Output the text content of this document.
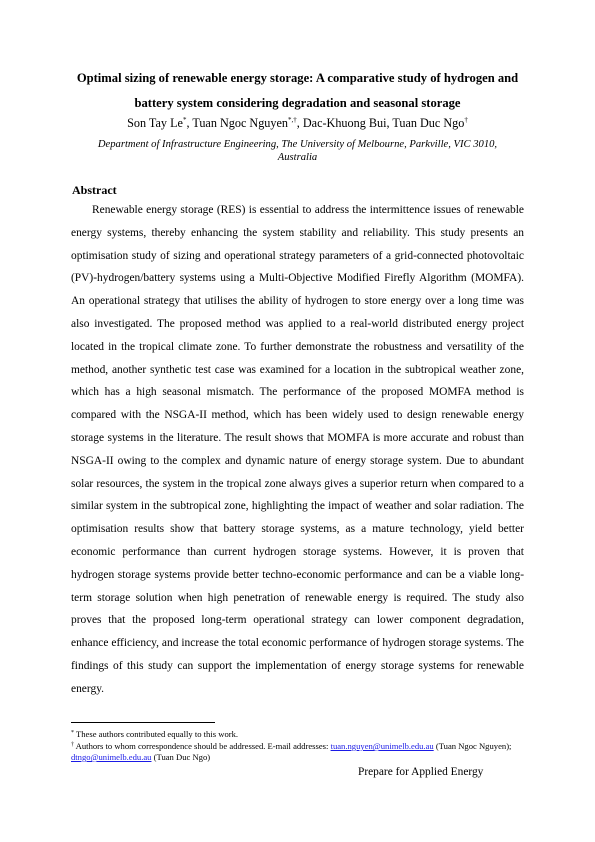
Optimal sizing of renewable energy storage: A comparative study of hydrogen and battery system considering degradation and seasonal storage
Son Tay Le*, Tuan Ngoc Nguyen*,†, Dac-Khuong Bui, Tuan Duc Ngo†
Department of Infrastructure Engineering, The University of Melbourne, Parkville, VIC 3010, Australia
Abstract

Renewable energy storage (RES) is essential to address the intermittence issues of renewable energy systems, thereby enhancing the system stability and reliability. This study presents an optimisation study of sizing and operational strategy parameters of a grid-connected photovoltaic (PV)-hydrogen/battery systems using a Multi-Objective Modified Firefly Algorithm (MOMFA). An operational strategy that utilises the ability of hydrogen to store energy over a long time was also investigated. The proposed method was applied to a real-world distributed energy project located in the tropical climate zone. To further demonstrate the robustness and versatility of the method, another synthetic test case was examined for a location in the subtropical weather zone, which has a high seasonal mismatch. The performance of the proposed MOMFA method is compared with the NSGA-II method, which has been widely used to design renewable energy storage systems in the literature. The result shows that MOMFA is more accurate and robust than NSGA-II owing to the complex and dynamic nature of energy storage system. Due to abundant solar resources, the system in the tropical zone always gives a superior return when compared to a similar system in the subtropical zone, highlighting the impact of weather and solar radiation. The optimisation results show that battery storage systems, as a mature technology, yield better economic performance than current hydrogen storage systems. However, it is proven that hydrogen storage systems provide better techno-economic performance and can be a viable long-term storage solution when high penetration of renewable energy is required. The study also proves that the proposed long-term operational strategy can lower component degradation, enhance efficiency, and increase the total economic performance of hydrogen storage systems. The findings of this study can support the implementation of energy storage systems for renewable energy.

* These authors contributed equally to this work.
† Authors to whom correspondence should be addressed. E-mail addresses: tuan.nguyen@unimelb.edu.au (Tuan Ngoc Nguyen); dtngo@unimelb.edu.au (Tuan Duc Ngo)
Prepare for Applied Energy
